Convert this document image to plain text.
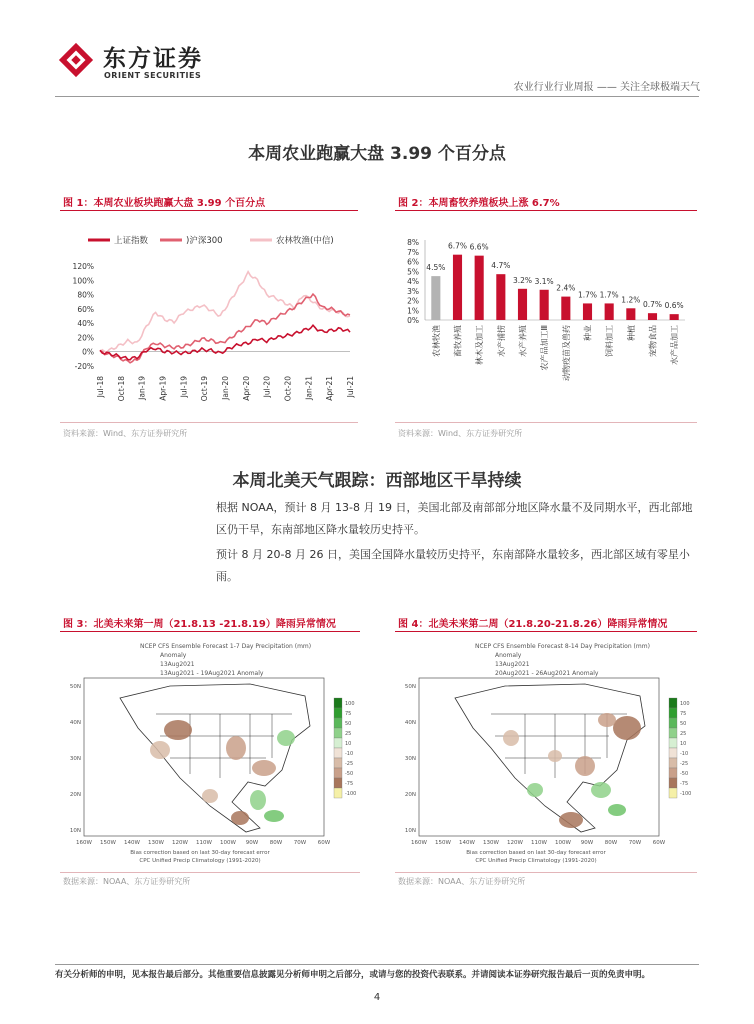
东方证券
ORIENT SECURITIES
农业行业行业周报 —— 关注全球极端天气
本周农业跑赢大盘 3.99 个百分点
图 1：本周农业板块跑赢大盘 3.99 个百分点
上证指数	)沪深300	农林牧渔(中信)
120%
100%
80%
60%
40%
20%
0%
-20%
Jul-18 Oct-18 Jan-19 Apr-19 Jul-19 Oct-19 Jan-20 Apr-20 Jul-20 Oct-20 Jan-21 Apr-21 Jul-21
资料来源：Wind、东方证券研究所
图 2：本周畜牧养殖板块上涨 6.7%
8%
7%
6%
5%
4%
3%
2%
1%
0%
4.5%
农林牧渔
6.7%
畜牧养殖
6.6%
林木及加工
4.7%
水产捕捞
3.2%
水产养殖
3.1%
农产品加工Ⅲ
2.4%
动物疫苗及兽药
1.7%
种业
1.7%
饲料加工
1.2%
种植
0.7%
宠物食品
0.6%
水产品加工
资料来源：Wind、东方证券研究所
本周北美天气跟踪：西部地区干旱持续
根据 NOAA，预计 8 月 13-8 月 19 日，美国北部及南部部分地区降水量不及同期水平，西北部地区仍干旱，东南部地区降水量较历史持平。
预计 8 月 20-8 月 26 日，美国全国降水量较历史持平，东南部降水量较多，西北部区域有零星小雨。
图 3：北美未来第一周（21.8.13 -21.8.19）降雨异常情况
NCEP CFS Ensemble Forecast 1-7 Day Precipitation (mm)
Anomaly
13Aug2021
13Aug2021 - 19Aug2021 Anomaly
50N
40N
30N
20N
10N
160W 150W 140W 130W 120W 110W 100W 90W 80W 70W 60W
100
75
50
25
10
-10
-25
-50
-75
-100
Bias correction based on last 30-day forecast error
CPC Unified Precip Climatology (1991-2020)
数据来源：NOAA、东方证券研究所
图 4：北美未来第二周（21.8.20-21.8.26）降雨异常情况
NCEP CFS Ensemble Forecast 8-14 Day Precipitation (mm)
Anomaly
13Aug2021
20Aug2021 - 26Aug2021 Anomaly
50N
40N
30N
20N
10N
160W 150W 140W 130W 120W 110W 100W 90W 80W 70W 60W
100
75
50
25
10
-10
-25
-50
-75
-100
Bias correction based on last 30-day forecast error
CPC Unified Precip Climatology (1991-2020)
数据来源：NOAA、东方证券研究所
有关分析师的申明，见本报告最后部分。其他重要信息披露见分析师申明之后部分，或请与您的投资代表联系。并请阅读本证券研究报告最后一页的免责申明。
4
